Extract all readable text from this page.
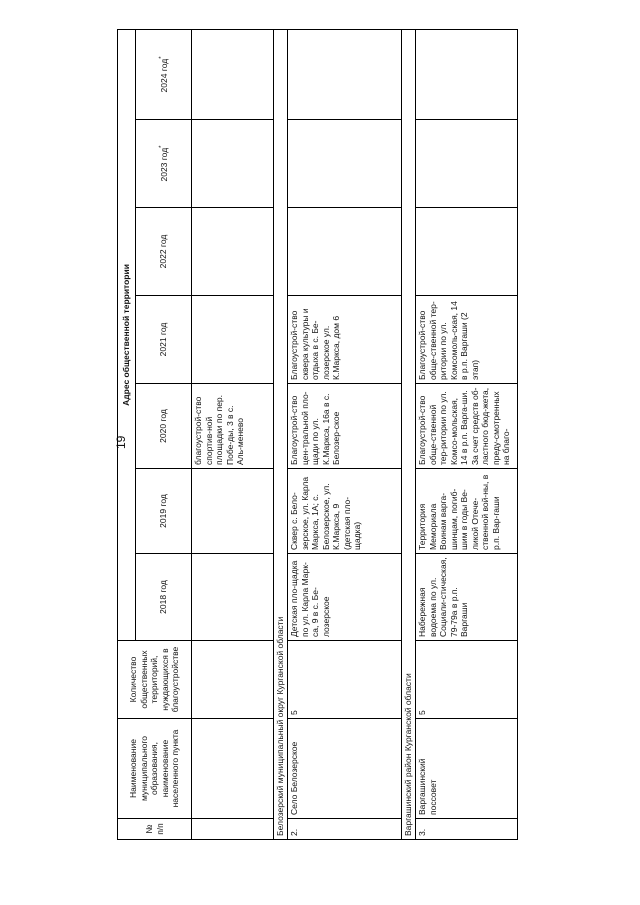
19
№ п/п	Наименование муниципального образования, наименование населенного пункта	Количество общественных территорий, нуждающихся в благоустройстве	Адрес общественной территории						
			2018 год	2019 год	2020 год	2021 год	2022 год	2023 год*	2024 год*
					благоустрой-ство спортив-ной площадки по пер. Побе-ды, 3 в с. Аль-менево				
Белозерский муниципальный округ Курганской области									
2.	Село Белозерское	5	Детская пло-щадка по ул. Карла Марк-са, 9 в с. Бе-лозерское	Сквер с. Бело-зерское, ул. Карла Маркса, 1А; с. Белозерское, ул. К.Маркса, 9 (детская пло-щадка)	Благоустрой-ство цен-тральной пло-щади по ул. К.Маркса, 16а в с. Белозер-ское	Благоустрой-ство сквера культуры и отдыха в с. Бе-лозерское ул. К.Маркса, дом 6			
Варгашинский район Курганской области									
3.	Варгашинский поссовет	5	Набережная водоема по ул. Социали-стическая, 79-79а в р.п. Варгаши	Территория Мемориала Воинам варга-шинцам, погиб-шим в годы Ве-ликой Отече-ственной вой-ны, в р.п. Вар-гаши	Благоустрой-ство обще-ственной тер-ритории по ул. Комсо-мольская, 14 в р.п. Варга-ши. За счет средств об-ластного бюд-жета, преду-смотренных на благо-	Благоустрой-ство обще-ственной тер-ритории по ул. Комсомоль-ская, 14 в р.п. Варгаши (2 этап)			
